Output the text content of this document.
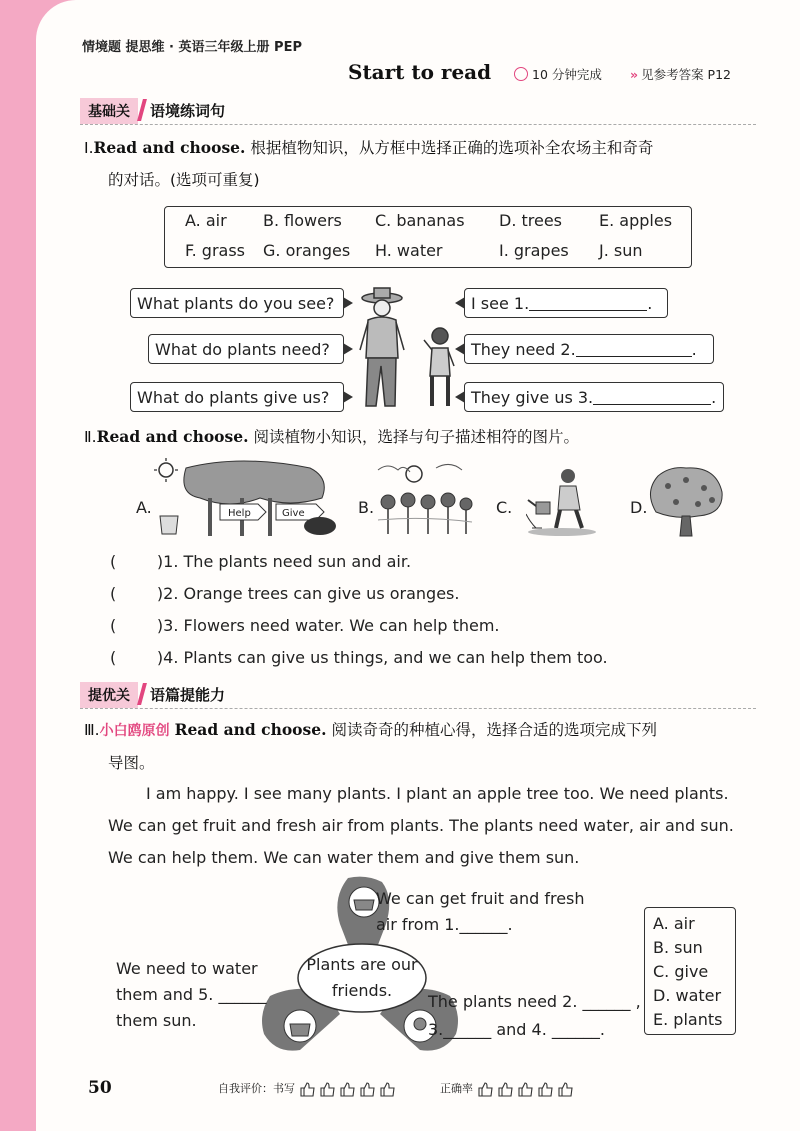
情境题 提思维 · 英语三年级上册 PEP
Start to read	10 分钟完成 » 见参考答案 P12
基础关 语境练词句
Ⅰ.Read and choose. 根据植物知识，从方框中选择正确的选项补全农场主和奇奇
的对话。(选项可重复)
A. air B. flowers C. bananas D. trees E. apples
F. grass G. oranges H. water	I. grapes J. sun
What plants do you see?
What do plants need?
What do plants give us?
I see 1.	.
They need 2.	.
They give us 3.	.
Ⅱ.Read and choose. 阅读植物小知识，选择与句子描述相符的图片。
A.	Help	Give	B.	C.	D.
(        )1. The plants need sun and air.
(        )2. Orange trees can give us oranges.
(        )3. Flowers need water. We can help them.
(        )4. Plants can give us things, and we can help them too.
提优关 语篇提能力
Ⅲ.小白鸥原创 Read and choose. 阅读奇奇的种植心得，选择合适的选项完成下列
导图。
I am happy. I see many plants. I plant an apple tree too. We need plants. We can get fruit and fresh air from plants. The plants need water, air and sun. We can help them. We can water them and give them sun.
Plants are our friends.
We can get fruit and fresh
air from 1.______.
We need to water
them and 5. ______
them sun.
The plants need 2. ______ ,
3.______ and 4. ______.
A. air
B. sun
C. give
D. water
E. plants
50	自我评价：书写	正确率
